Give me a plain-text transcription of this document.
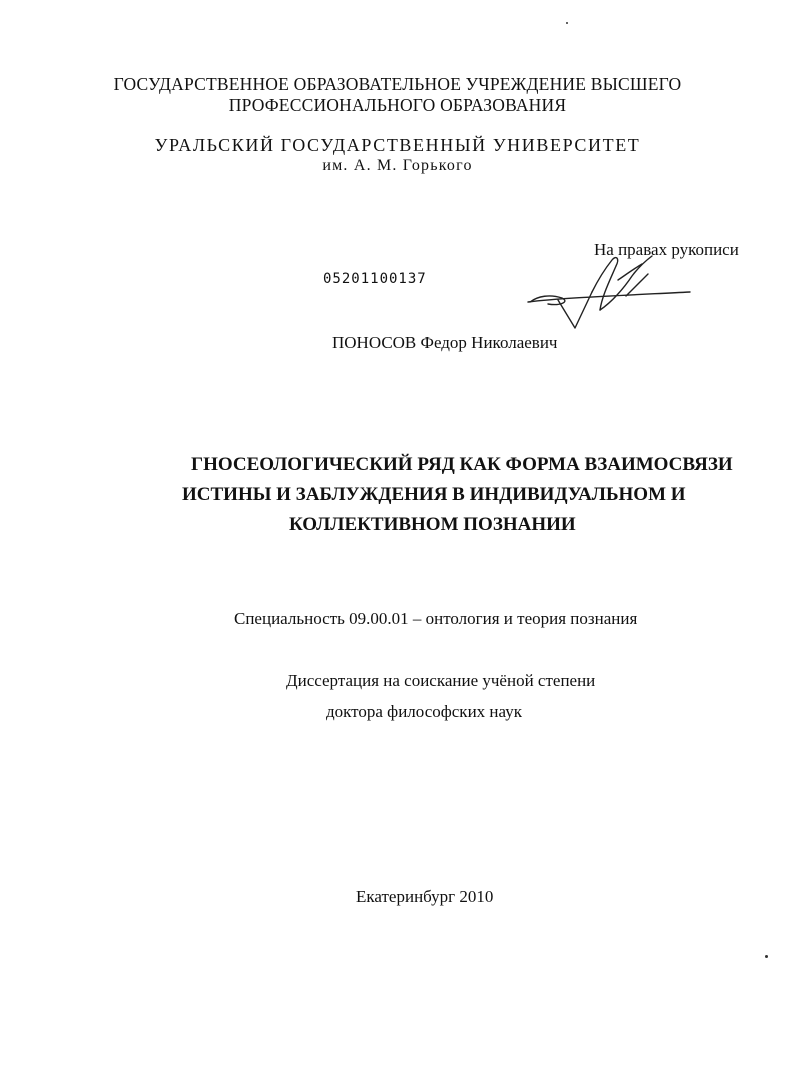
ГОСУДАРСТВЕННОЕ ОБРАЗОВАТЕЛЬНОЕ УЧРЕЖДЕНИЕ ВЫСШЕГО
ПРОФЕССИОНАЛЬНОГО ОБРАЗОВАНИЯ
УРАЛЬСКИЙ ГОСУДАРСТВЕННЫЙ УНИВЕРСИТЕТ
им. А. М. Горького
На правах рукописи
05201100137
ПОНОСОВ Федор Николаевич
ГНОСЕОЛОГИЧЕСКИЙ РЯД КАК ФОРМА ВЗАИМОСВЯЗИ
ИСТИНЫ И ЗАБЛУЖДЕНИЯ В ИНДИВИДУАЛЬНОМ И
КОЛЛЕКТИВНОМ ПОЗНАНИИ
Специальность 09.00.01 – онтология и теория познания
Диссертация на соискание учёной степени
доктора философских наук
Екатеринбург 2010
